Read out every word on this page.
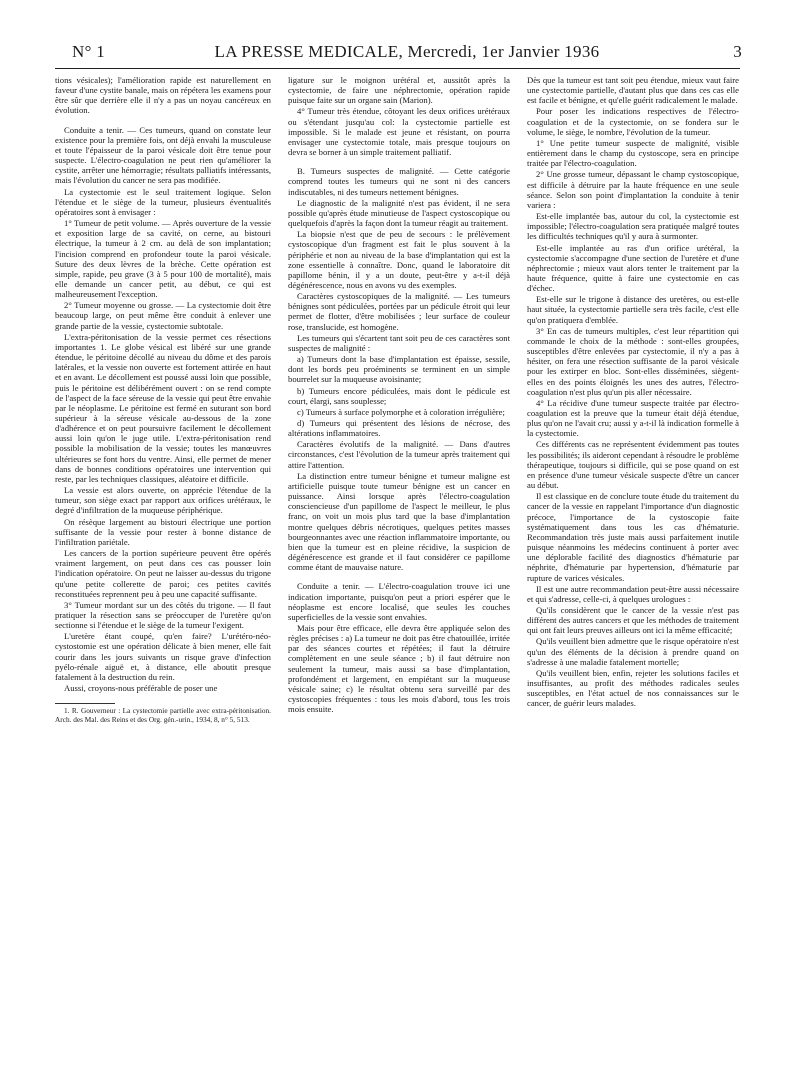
N° 1	LA PRESSE MEDICALE, Mercredi, 1er Janvier 1936	3

tions vésicales); l'amélioration rapide est naturellement en faveur d'une cystite banale, mais on répétera les examens pour être sûr que derrière elle il n'y a pas un noyau cancéreux en évolution.

Conduite a tenir. — Ces tumeurs, quand on constate leur existence pour la première fois, ont déjà envahi la musculeuse et toute l'épaisseur de la paroi vésicale doit être tenue pour suspecte. L'électro-coagulation ne peut rien qu'améliorer la cystite, arrêter une hémorragie; résultats palliatifs intéressants, mais l'évolution du cancer ne sera pas modifiée.

La cystectomie est le seul traitement logique. Selon l'étendue et le siège de la tumeur, plusieurs éventualités opératoires sont à envisager :

1° Tumeur de petit volume. — Après ouverture de la vessie et exposition large de sa cavité, on cerne, au bistouri électrique, la tumeur à 2 cm. au delà de son implantation; l'incision comprend en profondeur toute la paroi vésicale. Suture des deux lèvres de la brèche. Cette opération est simple, rapide, peu grave (3 à 5 pour 100 de mortalité), mais elle demande un cancer petit, au début, ce qui est malheureusement l'exception.

2° Tumeur moyenne ou grosse. — La cystectomie doit être beaucoup large, on peut même être conduit à enlever une grande partie de la vessie, cystectomie subtotale.

L'extra-péritonisation de la vessie permet ces résections importantes 1. Le globe vésical est libéré sur une grande étendue, le péritoine décollé au niveau du dôme et des parois latérales, et la vessie non ouverte est fortement attirée en haut et en avant. Le décollement est poussé aussi loin que possible, puis le péritoine est délibérément ouvert : on se rend compte de l'aspect de la face séreuse de la vessie qui peut être envahie par le néoplasme. Le péritoine est fermé en suturant son bord supérieur à la séreuse vésicale au-dessous de la zone d'adhérence et on peut poursuivre facilement le décollement aussi loin qu'on le juge utile. L'extra-péritonisation rend possible la mobilisation de la vessie; toutes les manœuvres ultérieures se font hors du ventre. Ainsi, elle permet de mener dans de bonnes conditions opératoires une intervention qui reste, par les techniques classiques, aléatoire et difficile.

La vessie est alors ouverte, on apprécie l'étendue de la tumeur, son siège exact par rapport aux orifices urétéraux, le degré d'infiltration de la muqueuse périphérique.

On résèque largement au bistouri électrique une portion suffisante de la vessie pour rester à bonne distance de l'infiltration pariétale.

Les cancers de la portion supérieure peuvent être opérés vraiment largement, on peut dans ces cas pousser loin l'indication opératoire. On peut ne laisser au-dessus du trigone qu'une petite collerette de paroi; ces petites cavités reconstituées reprennent peu à peu une capacité suffisante.

3° Tumeur mordant sur un des côtés du trigone. — Il faut pratiquer la résection sans se préoccuper de l'uretère qu'on sectionne si l'étendue et le siège de la tumeur l'exigent.

L'uretère étant coupé, qu'en faire? L'urétéro-néo-cystostomie est une opération délicate à bien mener, elle fait courir dans les jours suivants un risque grave d'infection pyélo-rénale aiguë et, à distance, elle aboutit presque fatalement à la destruction du rein.

Aussi, croyons-nous préférable de poser une

1. R. Gouverneur : La cystectomie partielle avec extra-péritonisation. Arch. des Mal. des Reins et des Org. gén.-urin., 1934, 8, n° 5, 513.

ligature sur le moignon urétéral et, aussitôt après la cystectomie, de faire une néphrectomie, opération rapide puisque faite sur un organe sain (Marion).

4° Tumeur très étendue, côtoyant les deux orifices urétéraux ou s'étendant jusqu'au col: la cystectomie partielle est impossible. Si le malade est jeune et résistant, on pourra envisager une cystectomie totale, mais presque toujours on devra se borner à un simple traitement palliatif.

B. Tumeurs suspectes de malignité. — Cette catégorie comprend toutes les tumeurs qui ne sont ni des cancers indiscutables, ni des tumeurs nettement bénignes.

Le diagnostic de la malignité n'est pas évident, il ne sera possible qu'après étude minutieuse de l'aspect cystoscopique ou quelquefois d'après la façon dont la tumeur réagit au traitement.

La biopsie n'est que de peu de secours : le prélèvement cystoscopique d'un fragment est fait le plus souvent à la périphérie et non au niveau de la base d'implantation qui est la zone essentielle à connaître. Donc, quand le laboratoire dit papillome bénin, il y a un doute, peut-être y a-t-il déjà dégénérescence, nous en avons vu des exemples.

Caractères cystoscopiques de la malignité. — Les tumeurs bénignes sont pédiculées, portées par un pédicule étroit qui leur permet de flotter, d'être mobilisées ; leur surface de couleur rose, translucide, est homogène.

Les tumeurs qui s'écartent tant soit peu de ces caractères sont suspectes de malignité :

a) Tumeurs dont la base d'implantation est épaisse, sessile, dont les bords peu proéminents se terminent en un simple bourrelet sur la muqueuse avoisinante;

b) Tumeurs encore pédiculées, mais dont le pédicule est court, élargi, sans souplesse;

c) Tumeurs à surface polymorphe et à coloration irrégulière;

d) Tumeurs qui présentent des lésions de nécrose, des altérations inflammatoires.

Caractères évolutifs de la malignité. — Dans d'autres circonstances, c'est l'évolution de la tumeur après traitement qui attire l'attention.

La distinction entre tumeur bénigne et tumeur maligne est artificielle puisque toute tumeur bénigne est un cancer en puissance. Ainsi lorsque après l'électro-coagulation consciencieuse d'un papillome de l'aspect le meilleur, le plus franc, on voit un mois plus tard que la base d'implantation montre quelques débris nécrotiques, quelques petites masses bourgeonnantes avec une réaction inflammatoire importante, ou bien que la tumeur est en pleine récidive, la suspicion de dégénérescence est grande et il faut considérer ce papillome comme étant de mauvaise nature.

Conduite a tenir. — L'électro-coagulation trouve ici une indication importante, puisqu'on peut a priori espérer que le néoplasme est encore localisé, que seules les couches superficielles de la vessie sont envahies.

Mais pour être efficace, elle devra être appliquée selon des règles précises : a) La tumeur ne doit pas être chatouillée, irritée par des séances courtes et répétées; il faut la détruire complètement en une seule séance ; b) il faut détruire non seulement la tumeur, mais aussi sa base d'implantation, profondément et largement, en empiétant sur la muqueuse vésicale saine; c) le résultat obtenu sera surveillé par des cystoscopies fréquentes : tous les mois d'abord, tous les trois mois ensuite.

Dès que la tumeur est tant soit peu étendue, mieux vaut faire une cystectomie partielle, d'autant plus que dans ces cas elle est facile et bénigne, et qu'elle guérit radicalement le malade.

Pour poser les indications respectives de l'électro-coagulation et de la cystectomie, on se fondera sur le volume, le siège, le nombre, l'évolution de la tumeur.

1° Une petite tumeur suspecte de malignité, visible entièrement dans le champ du cystoscope, sera en principe traitée par l'électro-coagulation.

2° Une grosse tumeur, dépassant le champ cystoscopique, est difficile à détruire par la haute fréquence en une seule séance. Selon son point d'implantation la conduite à tenir variera :

Est-elle implantée bas, autour du col, la cystectomie est impossible; l'électro-coagulation sera pratiquée malgré toutes les difficultés techniques qu'il y aura à surmonter.

Est-elle implantée au ras d'un orifice urétéral, la cystectomie s'accompagne d'une section de l'uretère et d'une néphrectomie ; mieux vaut alors tenter le traitement par la haute fréquence, quitte à faire une cystectomie en cas d'échec.

Est-elle sur le trigone à distance des uretères, ou est-elle haut située, la cystectomie partielle sera très facile, c'est elle qu'on pratiquera d'emblée.

3° En cas de tumeurs multiples, c'est leur répartition qui commande le choix de la méthode : sont-elles groupées, susceptibles d'être enlevées par cystectomie, il n'y a pas à hésiter, on fera une résection suffisante de la paroi vésicale pour les extirper en bloc. Sont-elles disséminées, siègent-elles en des points éloignés les unes des autres, l'électro-coagulation n'est plus qu'un pis aller nécessaire.

4° La récidive d'une tumeur suspecte traitée par électro-coagulation est la preuve que la tumeur était déjà étendue, plus qu'on ne l'avait cru; aussi y a-t-il là indication formelle à la cystectomie.

Ces différents cas ne représentent évidemment pas toutes les possibilités; ils aideront cependant à résoudre le problème thérapeutique, toujours si difficile, qui se pose quand on est en présence d'une tumeur vésicale suspecte d'être un cancer au début.

Il est classique en de conclure toute étude du traitement du cancer de la vessie en rappelant l'importance d'un diagnostic précoce, l'importance de la cystoscopie faite systématiquement dans tous les cas d'hématurie. Recommandation très juste mais aussi parfaitement inutile puisque néanmoins les médecins continuent à porter avec une déplorable facilité des diagnostics d'hématurie par néphrite, d'hématurie par hypertension, d'hématurie par rupture de varices vésicales.

Il est une autre recommandation peut-être aussi nécessaire et qui s'adresse, celle-ci, à quelques urologues :

Qu'ils considèrent que le cancer de la vessie n'est pas différent des autres cancers et que les méthodes de traitement qui ont fait leurs preuves ailleurs ont ici la même efficacité;

Qu'ils veuillent bien admettre que le risque opératoire n'est qu'un des éléments de la décision à prendre quand on s'adresse à une maladie fatalement mortelle;

Qu'ils veuillent bien, enfin, rejeter les solutions faciles et insuffisantes, au profit des méthodes radicales seules susceptibles, en l'état actuel de nos connaissances sur le cancer, de guérir leurs malades.
